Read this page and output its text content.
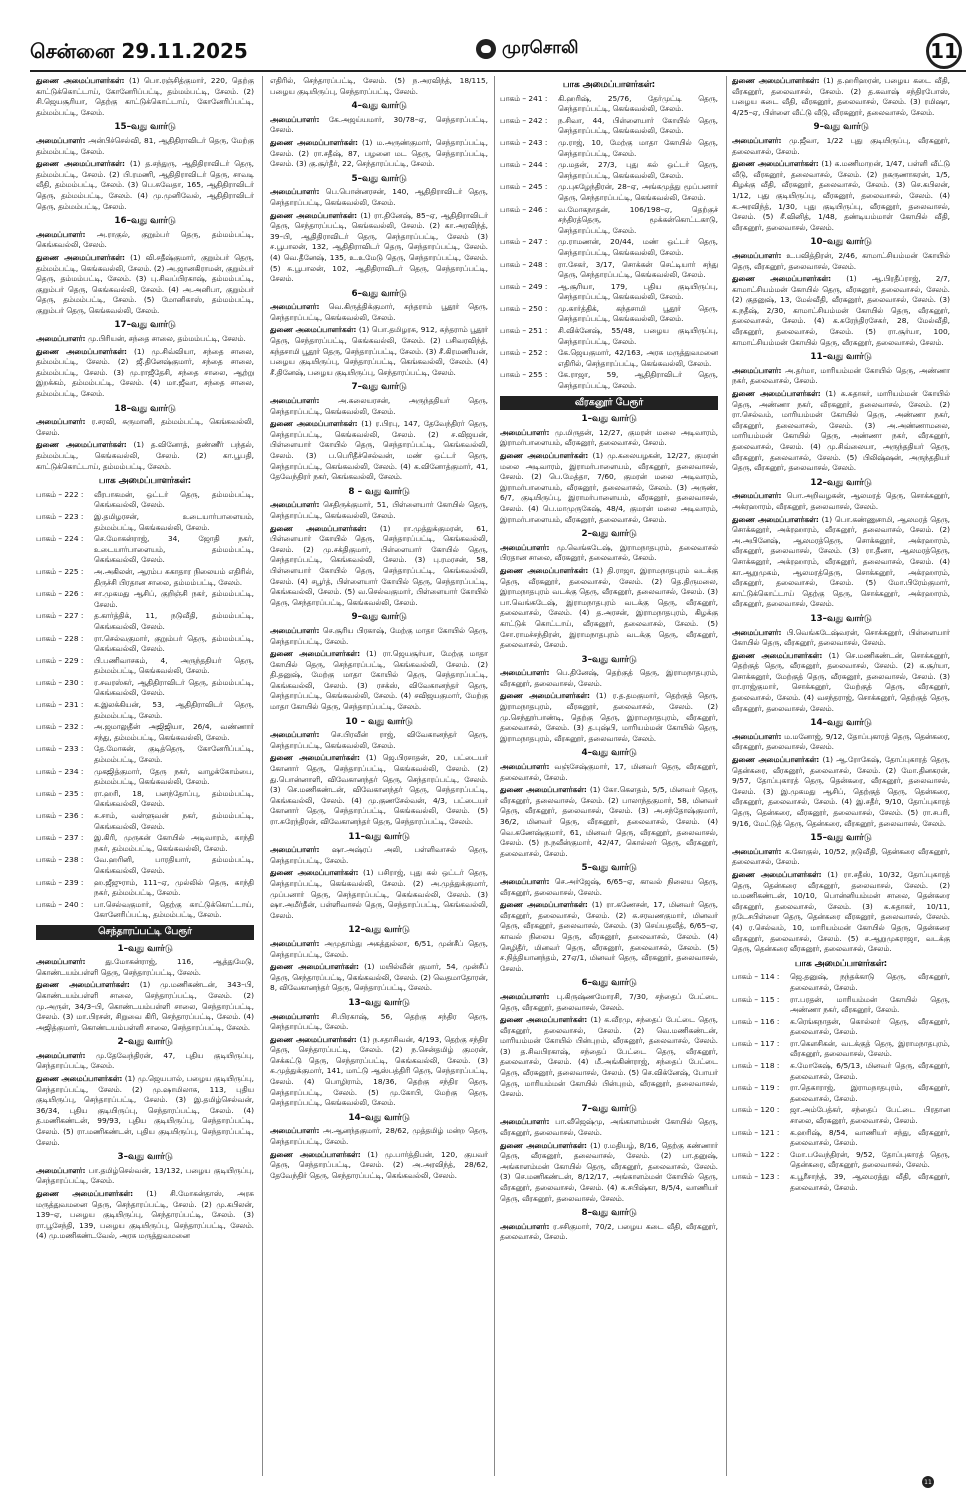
சென்னை 29.11.2025	முரசொலி	11

துணை அமைப்பாளர்கள்: (1) பொ.ரஞ்சித்குமார், 220, தெற்கு காட்டுக்கொட்டாய், கோனேரிப்பட்டி, தம்மம்பட்டி, சேலம். (2) சி.ஜெயசூரியா, தெற்கு காட்டுக்கொட்டாய், கோனேரிப்பட்டி, தம்மம்பட்டி, சேலம்.

15–வது வார்டு

அமைப்பாளர்: அன்பிச்செல்வி, 81, ஆதிதிராவிடர் தெரு, மேற்கு தம்மம்பட்டி, சேலம்.

துணை அமைப்பாளர்கள்: (1) த.சந்துரு, ஆதிதிராவிடர் தெரு, தம்மம்பட்டி, சேலம். (2) பி.ரமணி, ஆதிதிராவிடர் தெரு, சாவடி வீதி, தம்மம்பட்டி, சேலம். (3) பெ.சுவேதா, 165, ஆதிதிராவிடர் தெரு, தம்மம்பட்டி, சேலம். (4) மு.முனிவேல், ஆதிதிராவிடர் தெரு, தம்மம்பட்டி, சேலம்.

16–வது வார்டு

அமைப்பாளர்: அ.ராகுல், குறும்பர் தெரு, தம்மம்பட்டி, கெங்கவல்லி, சேலம்.

துணை அமைப்பாளர்கள்: (1) வி.சதீஷ்குமார், குறும்பர் தெரு, தம்மம்பட்டி, கெங்கவல்லி, சேலம். (2) அ.ஜானகிராமன், குறும்பர் தெரு, தம்மம்பட்டி, சேலம். (3) பு.சிவப்பிரகாஷ், தம்மம்பட்டி, குறும்பர் தெரு, கெங்கவல்லி, சேலம். (4) அ.அனிபா, குறும்பர் தெரு, தம்மம்பட்டி, சேலம். (5) மோனிகாஸ், தம்மம்பட்டி, குறும்பர் தெரு, கெங்கவல்லி, சேலம்.

17–வது வார்டு

அமைப்பாளர்: மு.பிரியன், சந்தை சாலை, தம்மம்பட்டி, சேலம்.

துணை அமைப்பாளர்கள்: (1) மு.சிவ்வியா, சந்தை சாலை, தம்மம்பட்டி, சேலம். (2) ஜீ.தினேஷ்குமார், சந்தை சாலை, தம்மம்பட்டி, சேலம். (3) மு.ராஜீதேசி, சந்தை சாலை, ஆற்று இறக்கம், தம்மம்பட்டி, சேலம். (4) மா.ஜீவா, சந்தை சாலை, தம்மம்பட்டி, சேலம்.

18–வது வார்டு

அமைப்பாளர்: ர.சரவி, சுருமானி, தம்மம்பட்டி, கெங்கவல்லி, சேலம்.

துணை அமைப்பாளர்கள்: (1) த.வினோத், தண்ணீர் பந்தல், தம்மம்பட்டி, கெங்கவல்லி, சேலம். (2) கா.பூபதி, காட்டுக்கொட்டாய், தம்மம்பட்டி, சேலம்.

பாக அமைப்பாளர்கள்:
பாகம் – 222 :	வீரபாகமன், ஒட்டர் தெரு, தம்மம்பட்டி, கெங்கவல்லி, சேலம்.
பாகம் – 223 :	இ.தமிழரசன், உடையார்பாளையம், தம்மம்பட்டி, கெங்கவல்லி, சேலம்.
பாகம் – 224 :	செ.மோகன்ராஜ், 34, ஜோதி நகர், உடையார்பாளையம், தம்மம்பட்டி, கெங்கவல்லி, சேலம்.
பாகம் – 225 :	அ.அகிலன், ஆரம்ப சுகாதார நிலையம் எதிரில், திருச்சி பிரதான சாலை, தம்மம்பட்டி, சேலம்.
பாகம் – 226 :	சா.முகமது ஆசிப், குறிஞ்சி நகர், தம்மம்பட்டி, சேலம்.
பாகம் – 227 :	த.கார்த்திக், 11, நடுவீதி, தம்மம்பட்டி, கெங்கவல்லி, சேலம்.
பாகம் – 228 :	ரா.செல்வகுமார், குறும்பர் தெரு, தம்மம்பட்டி, கெங்கவல்லி, சேலம்.
பாகம் – 229 :	பி.பணிவாசகம், 4, அருந்ததியர் தெரு, தம்மம்பட்டி, கெங்கவல்லி, சேலம்.
பாகம் – 230 :	ர.சவரஸ்கர், ஆதிதிராவிடர் தெரு, தம்மம்பட்டி, கெங்கவல்லி, சேலம்.
பாகம் – 231 :	க.இலக்கியன், 53, ஆதிதிராவிடர் தெரு, தம்மம்பட்டி, சேலம்.
பாகம் – 232 :	அ.ஜமாலுதீன் அஜிஜியா, 26/4, வண்ணார் சந்து, தம்மம்பட்டி, கெங்கவல்லி, சேலம்.
பாகம் – 233 :	தே.மோகன், குடித்தெரு, கோனேரிப்பட்டி, தம்மம்பட்டி, சேலம்.
பாகம் – 234 :	முகஜித்குமார், தேரு நகர், வாழக்கோம்பை, தம்மம்பட்டி, கெங்கவல்லி, சேலம்.
பாகம் – 235 :	ரா.ஹரி, 18, பனந்தோப்பு, தம்மம்பட்டி, கெங்கவல்லி, சேலம்.
பாகம் – 236 :	சு.சாம், வள்ளுவன் நகர், தம்மம்பட்டி, கெங்கவல்லி, சேலம்.
பாகம் – 237 :	இ.கிரி, முருகன் கோயில் அடிவாரம், காந்தி நகர், தம்மம்பட்டி, கெங்கவல்லி, சேலம்.
பாகம் – 238 :	வே.ஹரினி, பாரதியார், தம்மம்பட்டி, கெங்கவல்லி, சேலம்.
பாகம் – 239 :	ஹ.ஜீஜுராம், 111–ஏ, முல்லில் தெரு, காந்தி நகர், தம்மம்பட்டி, சேலம்.
பாகம் – 240 :	பா.செல்வகுமார், தெற்கு காட்டுக்கொட்டாய், கோனேரிப்பட்டி, தம்மம்பட்டி, சேலம்.
செந்தாரப்பட்டி பேரூர்
1–வது வார்டு

அமைப்பாளர்: து.மோகன்ராஜ், 116, ஆத்துமேடு, கொண்டயம்பள்ளி தெரு, செந்தாரப்பட்டி, சேலம்.

துணை அமைப்பாளர்கள்: (1) மு.மணிகண்டன், 343–பி, கொண்டயம்பள்ளி சாலை, செந்தாரப்பட்டி, சேலம். (2) மு.அருள், 34/3–பி, கொண்டயம்பள்ளி சாலை, செந்தாரப்பட்டி, சேலம். (3) மா.பிரசன், சிறுவை கிரி, செந்தாரப்பட்டி, சேலம். (4) அஜித்குமார், கொண்டயம்பள்ளி சாலை, செந்தாரப்பட்டி, சேலம்.

2–வது வார்டு

அமைப்பாளர்: மு.தேவேந்திரன், 47, புதிய குடியிருப்பு, செந்தாரப்பட்டி, சேலம்.

துணை அமைப்பாளர்கள்: (1) மு.ஜெயபால், பழைய குடியிருப்பு, செந்தாரப்பட்டி, சேலம். (2) மு.ஷாமிலாசு, 113, புதிய குடியிருப்பு, செந்தாரப்பட்டி, சேலம். (3) இ.தமிழ்செல்வன், 36/34, புதிய குடியிருப்பு, செந்தாரப்பட்டி, சேலம். (4) த.மணிகண்டன், 99/93, புதிய குடியிருப்பு, செந்தாரப்பட்டி, சேலம். (5) ரா.மணிகண்டன், புதிய குடியிருப்பு, செந்தாரப்பட்டி, சேலம்.

3–வது வார்டு

அமைப்பாளர்: பா.தமிழ்செல்வன், 13/132, பழைய குடியிருப்பு, செந்தாரப்பட்டி, சேலம்.

துணை அமைப்பாளர்கள்: (1) சி.மோகன்தாஸ், அரசு மருத்துவமனை தெரு, செந்தாரப்பட்டி, சேலம். (2) மு.கபிலன், 139–ஏ, பழைய குடியிருப்பு, செந்தாரப்பட்டி, சேலம். (3) ரா.பூசேந்தி, 139, பழைய குடியிருப்பு, செந்தாரப்பட்டி, சேலம். (4) மு.மணிகண்டவேல், அரசு மருத்துவமனை

எதிரில், செந்தாரப்பட்டி, சேலம். (5) ந.அரவிந்த், 18/115, பழைய குடியிருப்பு, செந்தாரப்பட்டி, சேலம்.

4–வது வார்டு

அமைப்பாளர்: கே.அஜய்யமார், 30/78–ஏ, செந்தாரப்பட்டி, சேலம்.

துணை அமைப்பாளர்கள்: (1) ம.அருண்குமார், செந்தாரப்பட்டி, சேலம். (2) ரா.சதீஷ், 87, பழனை மட தெரு, செந்தாரப்பட்டி, சேலம். (3) கு.சூர்தீர், 22, செந்தாரப்பட்டி, சேலம்.

5–வது வார்டு

அமைப்பாளர்: பெ.பொன்னரசன், 140, ஆதிதிராவிடர் தெரு, செந்தாரப்பட்டி, கெங்கவல்லி, சேலம்.

துணை அமைப்பாளர்கள்: (1) ரா.தினேஷ், 85–ஏ, ஆதிதிராவிடர் தெரு, செந்தாரப்பட்டி, கெங்கவல்லி, சேலம். (2) கா.அரவிந்த், 39–பி, ஆதிதிராவிடர் தெரு, செந்தாரப்பட்டி, சேலம் (3) ச.பூபாலன், 132, ஆதிதிராவிடர் தெரு, செந்தாரப்பட்டி, சேலம். (4) வெ.தீனேஷ், 135, உ.உமேடு தெரு, செந்தாரப்பட்டி, சேலம். (5) சு.பூபாலன், 102, ஆதிதிராவிடர் தெரு, செந்தாரப்பட்டி, சேலம்.

6–வது வார்டு

அமைப்பாளர்: வெ.கிருத்திக்குமார், சுந்தராம் பூதூர் தெரு, செந்தாரப்பட்டி, கெங்கவல்லி, சேலம்.

துணை அமைப்பாளர்கள்: (1) பொ.தமிழரசு, 912, சுந்தராம் பூதூர் தெரு, செந்தாரப்பட்டி, கெங்கவல்லி, சேலம். (2) பசிவரவிந்த், கந்தசாமி பூதூர் தெரு, செந்தாரப்பட்டி, சேலம். (3) சீ.கிரமணியன், பழைய குடியிருப்பு, செந்தாரப்பட்டி, கெங்கவல்லி, சேலம். (4) சீ.தினேஷ், பழைய குடியிருப்பு, செந்தாரப்பட்டி, சேலம்.

7–வது வார்டு

அமைப்பாளர்: அ.கலையரசன், அருந்ததியர் தெரு, செந்தாரப்பட்டி, கெங்கவல்லி, சேலம்.

துணை அமைப்பாளர்கள்: (1) ர.பிரபு, 147, தேவேந்திரர் தெரு, செந்தாரப்பட்டி, கெங்கவல்லி, சேலம். (2) ச.விஜயன், பிள்ளையார் கோயில் தெரு, செந்தாரப்பட்டி, கெங்கவல்லி, சேலம். (3) ப.பெரிதீச்செல்வன், மண் ஒட்டர் தெரு, செந்தாரப்பட்டி, கெங்கவல்லி, சேலம். (4) க.வினோத்குமார், 41, தேவேந்திரர் நகர், கெங்கவல்லி, சேலம்.

8 – வது வார்டு

அமைப்பாளர்: செதிருக்குமார், 51, பிள்ளையார் கோயில் தெரு, செந்தாரப்பட்டி, கெங்கவல்லி, சேலம்.

துணை அமைப்பாளர்கள்: (1) ரா.முத்துக்குமரன், 61, பிள்ளையார் கோயில் தெரு, செந்தாரப்பட்டி, கெங்கவல்லி, சேலம். (2) மு.சக்திகுமார், பிள்ளையார் கோயில் தெரு, செந்தாரப்பட்டி, கெங்கவல்லி, சேலம். (3) பு.ரமரசன், 58, பிள்ளையார் கோயில் தெரு, செந்தாரப்பட்டி, கெங்கவல்லி, சேலம். (4) சபூர்த், பிள்ளையார் கோயில் தெரு, செந்தாரப்பட்டி, கெங்கவல்லி, சேலம். (5) வ.செல்வகுமார், பிள்ளையார் கோயில் தெரு, செந்தாரப்பட்டி, கெங்கவல்லி, சேலம்.

9–வது வார்டு

அமைப்பாளர்: செ.சூரிய பிரகாஷ், மேற்கு மாதா கோயில் தெரு, செந்தாரப்பட்டி, சேலம்.

துணை அமைப்பாளர்கள்: (1) ரா.ஜெயசூர்யா, மேற்கு மாதா கோயில் தெரு, செந்தாரப்பட்டி, கெங்கவல்லி, சேலம். (2) தி.தனுஷ், மேற்கு மாதா கோயில் தெரு, செந்தாரப்பட்டி, கெங்கவல்லி, சேலம். (3) ரசக்ஸ், விவேகானந்தர் தெரு, செந்தாரப்பட்டி, கெங்கவல்லி, சேலம். (4) சவிஜயகுமார், மேற்கு மாதா கோயில் தெரு, செந்தாரப்பட்டி, சேலம்.

10 – வது வார்டு

அமைப்பாளர்: செ.பிரவீன் ராஜ், விவேகானந்தர் தெரு, செந்தாரப்பட்டி, கெங்கவல்லி, சேலம்.

துணை அமைப்பாளர்கள்: (1) ஜெ.பிரசாதன், 20, பட்டையர் கோனார் தெரு, செந்தாரப்பட்டி, கெங்கவல்லி, சேலம். (2) து.பொன்னாளி, விவேகானந்தர் தெரு, செந்தாரப்பட்டி, சேலம். (3) செ.மணிகண்டன், விவேகானந்தர் தெரு, செந்தாரப்பட்டி, கெங்கவல்லி, சேலம். (4) மு.குணசேல்வன், 4/3, பட்டையர் கோனார் தெரு, செந்தாரப்பட்டி, கெங்கவல்லி, சேலம். (5) ரா.சுரேந்திரன், விவேகானந்தர் தெரு, செந்தாரப்பட்டி, சேலம்.

11–வது வார்டு

அமைப்பாளர்: ஷா.அஷ்ரப் அலி, பள்ளிவாசல் தெரு, செந்தாரப்பட்டி, சேலம்.

துணை அமைப்பாளர்கள்: (1) பசிராஜ், புது கல் ஒட்டர் தெரு, செந்தாரப்பட்டி, கெங்கவல்லி, சேலம். (2) அ.முத்துக்குமார், முப்பனார் தெரு, செந்தாரப்பட்டி, கெங்கவல்லி, சேலம். (3) ஷா.அமீர்தீன், பள்ளிவாசல் தெரு, செந்தாரப்பட்டி, கெங்கவல்லி, சேலம்.

12–வது வார்டு

அமைப்பாளர்: அமுதாம்து அகத்துல்லா, 6/51, முன்சீப் தெரு, செந்தாரப்பட்டி, சேலம்.

துணை அமைப்பாளர்கள்: (1) மயில்வீன் குமார், 54, முன்சீப் தெரு, செந்தாரப்பட்டி, கெங்கவல்லி, சேலம். (2) வெதமாதோரன், 8, விவேகானந்தர் தெரு, செந்தாரப்பட்டி, சேலம்.

13–வது வார்டு

அமைப்பாளர்: சி.பிரகாஷ், 56, தெற்கு சந்திர தெரு, செந்தாரப்பட்டி, சேலம்.

துணை அமைப்பாளர்கள்: (1) ந.சதாசிவன், 4/193, தெற்கு சந்திர தெரு, செந்தாரப்பட்டி, சேலம். (2) ந.சென்தமிழ் குமரன், செக்கட்டு தெரு, செந்தாரப்பட்டி, கெங்கவல்லி, சேலம். (3) சு.முத்துக்குமார், 141, மாட்டு ஆஸ்பத்திரி தெரு, செந்தாரப்பட்டி, சேலம். (4) பொழிராம், 18/36, தெற்கு சந்திர தெரு, செந்தாரப்பட்டி, சேலம். (5) மு.கோபி, மேற்கு தெரு, செந்தாரப்பட்டி, கெங்கவல்லி, சேலம்.

14–வது வார்டு

அமைப்பாளர்: அ.ஆனந்தகுமார், 28/62, முத்தமிழ் மன்ற தெரு, செந்தாரப்பட்டி, சேலம்.

துணை அமைப்பாளர்கள்: (1) மு.பார்த்திபன், 120, குயவர் தெரு, செந்தாரப்பட்டி, சேலம். (2) அ.அரவிந்த், 28/62, தேவேந்திர் தெரு, செந்தாரப்பட்டி, கெங்கவல்லி, சேலம்.

பாக அமைப்பாளர்கள்:
பாகம் – 241 :	கி.ஹரிஷ், 25/76, தேர்முட்டி தெரு, செந்தாரப்பட்டி, கெங்கவல்லி, சேலம்.
பாகம் – 242 :	ந.சிவா, 44, பிள்ளையார் கோயில் தெரு, செந்தாரப்பட்டி, கெங்கவல்லி, சேலம்.
பாகம் – 243 :	மு.ராஜ், 10, மேற்கு மாதா கோயில் தெரு, செந்தாரப்பட்டி, சேலம்.
பாகம் – 244 :	மு.மதன், 27/3, புது கல் ஒட்டர் தெரு, செந்தாரப்பட்டி, கெங்கவல்லி, சேலம்.
பாகம் – 245 :	மு.புகழேந்திரன், 28–ஏ, அங்கமுத்து மூப்பனார் தெரு, செந்தாரப்பட்டி, கெங்கவல்லி, சேலம்.
பாகம் – 246 :	வ.மோகநாதன், 106/198–ஏ, தெற்குச் சந்திரத்தெரு, மூக்கன்கொட்டகாடு, செந்தாரப்பட்டி, சேலம்.
பாகம் – 247 :	மு.ராமணன், 20/44, மண் ஒட்டர் தெரு, செந்தாரப்பட்டி, கெங்கவல்லி, சேலம்.
பாகம் – 248 :	ரா.சேகர், 3/17, சொக்கன் செட்டியார் சந்து தெரு, செந்தாரப்பட்டி, கெங்கவல்லி, சேலம்.
பாகம் – 249 :	ஆ.சூரியா, 179, புதிய குடியிருப்பு, செந்தாரப்பட்டி, கெங்கவல்லி, சேலம்.
பாகம் – 250 :	மு.கார்த்திக், கந்தசாமி பூதூர் தெரு, செந்தாரப்பட்டி, கெங்கவல்லி, சேலம்.
பாகம் – 251 :	சி.விக்னேஷ், 55/48, பழைய குடியிருப்பு, செந்தாரப்பட்டி, சேலம்.
பாகம் – 252 :	கே.ஜெயகுமார், 42/163, அரசு மருத்துவமனை எதிரில், செந்தாரப்பட்டி, கெங்கவல்லி, சேலம்.
பாகம் – 255 :	கே.ராஜா, 59, ஆதிதிராவிடர் தெரு, செந்தாரப்பட்டி, சேலம்.
வீரகனூர் பேரூர்
1–வது வார்டு

அமைப்பாளர்: மு.மிருதன், 12/27, குமரன் மலை அடிவாரம், இராமர்பாளையம், வீரகனூர், தலைவாசல், சேலம்.

துணை அமைப்பாளர்கள்: (1) மு.கலையழகன், 12/27, குமரன் மலை அடிவாரம், இராமர்பாளையம், வீரகனூர், தலைவாசல், சேலம். (2) பெ.மேத்தா, 7/60, குமரன் மலை அடிவாரம், இராமர்பாளையம், வீரகனூர், தலைவாசல், சேலம். (3) அருண், 6/7, குடியிருப்பு, இராமர்பாளையம், வீரகனூர், தலைவாசல், சேலம். (4) பெ.மாமுருகேஷ், 48/4, குமரன் மலை அடிவாரம், இராமர்பாளையம், வீரகனூர், தலைவாசல், சேலம்.

2–வது வார்டு

அமைப்பாளர்: மு.வெங்கடேஷ், இராமநாதபுரம், தலைவாசல் பிரதான சாலை, வீரகனூர், தலைவாசல், சேலம்.

துணை அமைப்பாளர்கள்: (1) தி.ராஜா, இராமநாதபுரம் வடக்கு தெரு, வீரகனூர், தலைவாசல், சேலம். (2) தெ.திருமலை, இராமநாதபுரம் வடக்கு தெரு, வீரகனூர், தலைவாசல், சேலம். (3) பா.வெங்கடேஷ், இராமநாதபுரம் வடக்கு தெரு, வீரகனூர், தலைவாசல், சேலம். (4) த.அரசன், இராமநாதபுரம், கிழக்கு காட்டுக் கொட்டாய், வீரகனூர், தலைவாசல், சேலம். (5) சோ.ராமச்சந்திரன், இராமநாதபுரம் வடக்கு தெரு, வீரகனூர், தலைவாசல், சேலம்.

3–வது வார்டு

அமைப்பாளர்: பெ.தினேஷ், தெற்குத் தெரு, இராமநாதபுரம், வீரகனூர், தலைவாசல், சேலம்.

துணை அமைப்பாளர்கள்: (1) ர.த.தமகுமார், தெற்குத் தெரு, இராமநாதபுரம், வீரகனூர், தலைவாசல், சேலம். (2) மு.செந்தூர்பாண்டி, தெற்கு தெரு, இராமநாதபுரம், வீரகனூர், தலைவாசல், சேலம். (3) த.புஷ்பி, மாரியம்மன் கோயில் தெரு, இராமநாதபுரம், வீரகனூர், தலைவாசல், சேலம்.

4–வது வார்டு

அமைப்பாளர்: வஞ்சேஷ்குமார், 17, மினவர் தெரு, வீரகனூர், தலைவாசல், சேலம்.

துணை அமைப்பாளர்கள்: (1) கோ.கௌதம், 5/5, மினவர் தெரு, வீரகனூர், தலைவாசல், சேலம். (2) பாலாந்தகுமார், 58, மினவர் தெரு, வீரகனூர், தலைவாசல், சேலம். (3) அ.சந்தோஷ்குமார், 36/2, மினவர் தெரு, வீரகனூர், தலைவாசல், சேலம். (4) வெ.கணேஷ்குமார், 61, மினவர் தெரு, வீரகனூர், தலைவாசல், சேலம். (5) ந.நவீன்குமார், 42/47, கொல்லர் தெரு, வீரகனூர், தலைவாசல், சேலம்.

5–வது வார்டு

அமைப்பாளர்: செ.அர்ஜேஷ், 6/65–ஏ, காவல் நிலைய தெரு, வீரகனூர், தலைவாசல், சேலம்.

துணை அமைப்பாளர்கள்: (1) ரா.கணேசன், 17, மினவர் தெரு, வீரகனூர், தலைவாசல், சேலம். (2) சு.சரவணகுமார், மினவர் தெரு, வீரகனூர், தலைவாசல், சேலம். (3) செய்யதவீத், 6/65–ஏ, காவல் நிலைய தெரு, வீரகனூர், தலைவாசல், சேலம். (4) செழிதீர், மினவர் தெரு, வீரகனூர், தலைவாசல், சேலம். (5) ச.நித்தியானந்தம், 27ஏ/1, மினவர் தெரு, வீரகனூர், தலைவாசல், சேலம்.

6–வது வார்டு

அமைப்பாளர்: பு.கிருஷ்ணமோரசி, 7/30, சந்தைப் பேட்டை தெரு, வீரகனூர், தலைவாசல், சேலம்.

துணை அமைப்பாளர்கள்: (1) க.வீரமு, சந்தைப் பேட்டை தெரு, வீரகனூர், தலைவாசல், சேலம். (2) வெ.மணிகண்டன், மாரியம்மன் கோயில் பின்புறம், வீரகனூர், தலைவாசல், சேலம். (3) த.சிவபிரகாஷ், சந்தைப் பேட்டை தெரு, வீரகனூர், தலைவாசல், சேலம். (4) மீ.அங்கிண்ராஜ், சந்தைப் பேட்டை தெரு, வீரகனூர், தலைவாசல், சேலம். (5) செ.விக்னேஷ், போயர் தெரு, மாரியம்மன் கோயில் பின்புறம், வீரகனூர், தலைவாசல், சேலம்.

7–வது வார்டு

அமைப்பாளர்: பா.வீஜெஷ்மு, அங்காளம்மன் கோயில் தெரு, வீரகனூர், தலைவாசல், சேலம்.

துணை அமைப்பாளர்கள்: (1) ர.மதியழ், 8/16, தெற்கு கண்ணார் தெரு, வீரகனூர், தலைவாசல், சேலம். (2) பா.தனுஷ், அங்காளம்மன் கோயில் தெரு, வீரகனூர், தலைவாசல், சேலம். (3) செ.மணிகண்டன், 8/12/17, அங்காளம்மன் கோயில் தெரு, வீரகனூர், தலைவாசல், சேலம். (4) க.சபிஷ்கா, 8/5/4, வாணியர் தெரு, வீரகனூர், தலைவாசல், சேலம்.

8–வது வார்டு

அமைப்பாளர்: ர.சசிகுமார், 70/2, பழைய கடை வீதி, வீரகனூர், தலைவாசல், சேலம்.

துணை அமைப்பாளர்கள்: (1) த.ஹரிஹரன், பழைய கடை வீதி, வீரகனூர், தலைவாசல், சேலம். (2) த.கவாஷ் சந்திரபோஸ், பழைய கடை வீதி, வீரகனூர், தலைவாசல், சேலம். (3) ரமிஷா, 4/25–ஏ, பிள்ளை வீட்டு வீடு, வீரகனூர், தலைவாசல், சேலம்.

9–வது வார்டு

அமைப்பாளர்: மு.ஜீவா, 1/22 புது குடியிருப்பு, வீரகனூர், தலைவாசல், சேலம்.

துணை அமைப்பாளர்கள்: (1) க.மணிமாறன், 1/47, பள்ளி வீட்டு வீடு, வீரகனூர், தலைவாசல், சேலம். (2) நகருணாகரன், 1/5, கிழக்கு வீதி, வீரகனூர், தலைவாசல், சேலம். (3) செ.கபிலன், 1/12, புது குடியிருப்பு, வீரகனூர், தலைவாசல், சேலம். (4) க.அரவிந்த், 1/30, புது குடியிருப்பு, வீரகனூர், தலைவாசல், சேலம். (5) சீ.வினித், 1/48, தண்டியம்மாள் கோயில் வீதி, வீரகனூர், தலைவாசல், சேலம்.

10–வது வார்டு

அமைப்பாளர்: உ.பவித்திரன், 2/46, காமாட்சியம்மன் கோயில் தெரு, வீரகனூர், தலைவாசல், சேலம்.

துணை அமைப்பாளர்கள்: (1) ஆ.பிரதீப்ராஜ், 2/7, காமாட்சியம்மன் கோயில் தெரு, வீரகனூர், தலைவாசல், சேலம். (2) குதனுஷ், 13, மேல்வீதி, வீரகனூர், தலைவாசல், சேலம். (3) க.நதீஷ், 2/30, காமாட்சியம்மன் கோயில் தெரு, வீரகனூர், தலைவாசல், சேலம். (4) க.சுரேந்திரசேகர், 28, மேல்வீதி, வீரகனூர், தலைவாசல், சேலம். (5) ரா.சூர்யா, 100, காமாட்சியம்மன் கோயில் தெரு, வீரகனூர், தலைவாசல், சேலம்.

11–வது வார்டு

அமைப்பாளர்: அ.தர்மா, மாரியம்மன் கோயில் தெரு, அண்ணா நகர், தலைவாசல், சேலம்.

துணை அமைப்பாளர்கள்: (1) க.சுதாகர், மாரியம்மன் கோயில் தெரு, அண்ணா நகர், வீரகனூர், தலைவாசல், சேலம். (2) ரா.செல்வம், மாரியம்மன் கோயில் தெரு, அண்ணா நகர், வீரகனூர், தலைவாசல், சேலம். (3) அ.அண்ணாமலை, மாரியம்மன் கோயில் தெரு, அண்ணா நகர், வீரகனூர், தலைவாசல், சேலம். (4) மு.சிவ்லையா, அருந்ததியர் தெரு, வீரகனூர், தலைவாசல், சேலம். (5) பிலிஷ்ஷன், அருந்ததியர் தெரு, வீரகனூர், தலைவாசல், சேலம்.

12–வது வார்டு

அமைப்பாளர்: பொ.அறிவழகன், ஆலமரத் தெரு, சொக்கனூர், அக்ரஹாரம், வீரகனூர், தலைவாசல், சேலம்.

துணை அமைப்பாளர்கள்: (1) பொ.கண்ணுசாமி, ஆலமரத் தெரு, சொக்கனூர், அக்ரஹாரம், வீரகனூர், தலைவாசல், சேலம். (2) அ.அபினேஷ், ஆலமரத்தெரு, சொக்கனூர், அக்ரஹாரம், வீரகனூர், தலைவாசல், சேலம். (3) ரா.தீனா, ஆலமரத்தெரு, சொக்கனூர், அக்ரஹாரம், வீரகனூர், தலைவாசல், சேலம். (4) கா.ஆறுமுகம், ஆலமரத்தெரு, சொக்கனூர், அக்ரஹாரம், வீரகனூர், தலைவாசல், சேலம். (5) மோ.பிரேம்குமார், காட்டுக்கொட்டாய் தெற்கு தெரு, சொக்கனூர், அக்ரஹாரம், வீரகனூர், தலைவாசல், சேலம்.

13–வது வார்டு

அமைப்பாளர்: பி.வெங்கடேஷ்வரன், சொக்கனூர், பிள்ளையார் கோயில் தெரு, வீரகனூர், தலைவாசல், சேலம்.

துணை அமைப்பாளர்கள்: (1) செ.மணிகண்டன், சொக்கனூர், தெற்குத் தெரு, வீரகனூர், தலைவாசல், சேலம். (2) க.சூர்யா, சொக்கனூர், மேற்குத் தெரு, வீரகனூர், தலைவாசல், சேலம். (3) ரா.ராஜ்குமார், சொக்கனூர், மேற்குத் தெரு, வீரகனூர், தலைவாசல், சேலம். (4) வசந்தராஜ், சொக்கனூர், தெற்குத் தெரு, வீரகனூர், தலைவாசல், சேலம்.

14–வது வார்டு

அமைப்பாளர்: ம.மனோஜ், 9/12, தோப்புகாரத் தெரு, தென்கரை, வீரகனூர், தலைவாசல், சேலம்.

துணை அமைப்பாளர்கள்: (1) ஆ.ரோகேஷ், தோப்புகாரத் தெரு, தென்கரை, வீரகனூர், தலைவாசல், சேலம். (2) மோ.தினகரன், 9/57, தோப்புகாரத் தெரு, தென்கரை, வீரகனூர், தலைவாசல், சேலம். (3) இ.முகமது ஆசிப், தெற்குத் தெரு, தென்கரை, வீரகனூர், தலைவாசல், சேலம். (4) இ.சதீர், 9/10, தோப்புகாரத் தெரு, தென்கரை, வீரகனூர், தலைவாசல், சேலம். (5) ரா.சபரி, 9/16, மேட்டுத் தெரு, தென்கரை, வீரகனூர், தலைவாசல், சேலம்.

15–வது வார்டு

அமைப்பாளர்: க.கோகுல், 10/52, நடுவீதி, தென்கரை வீரகனூர், தலைவாசல், சேலம்.

துணை அமைப்பாளர்கள்: (1) ரா.சதீஸ், 10/32, தோப்புகாரத் தெரு, தென்கரை வீரகனூர், தலைவாசல், சேலம். (2) ம.மணிகண்டன், 10/10, பொன்னியம்மன் சாலை, தென்கரை வீரகனூர், தலைவாசல், சேலம். (3) க.சுதாகர், 10/11, நடேசபிள்ளை தெரு, தென்கரை வீரகனூர், தலைவாசல், சேலம். (4) ர.செல்வம், 10, மாரியம்மன் கோயில் தெரு, தென்கரை வீரகனூர், தலைவாசல், சேலம். (5) ச.ஆறுமுகராஜா, வடக்கு தெரு, தென்கரை வீரகனூர், தலைவாசல், சேலம்.

பாக அமைப்பாளர்கள்:
பாகம் – 114 :	ஜெ.தனுஷ், நந்தக்காடு தெரு, வீரகனூர், தலைவாசல், சேலம்.
பாகம் – 115 :	ரா.பரதன், மாரியம்மன் கோயில் தெரு, அண்ணா நகர், வீரகனூர், சேலம்.
பாகம் – 116 :	க.ரெங்கநாதன், கொல்லர் தெரு, வீரகனூர், தலைவாசல், சேலம்.
பாகம் – 117 :	ரா.கௌசிகன், வடக்குத் தெரு, இராமநாதபுரம், வீரகனூர், தலைவாசல், சேலம்.
பாகம் – 118 :	சு.மோகேஷ், 6/5/13, மினவர் தெரு, வீரகனூர், தலைவாசல், சேலம்.
பாகம் – 119 :	ரா.தெகாராஜ், இராமநாதபுரம், வீரகனூர், தலைவாசல், சேலம்.
பாகம் – 120 :	ஜா.அம்பேத்கர், சந்தைப் பேட்டை பிரதான சாலை, வீரகனூர், தலைவாசல், சேலம்.
பாகம் – 121 :	க.ஹரிஷ், 8/54, வாணியர் சந்து, வீரகனூர், தலைவாசல், சேலம்.
பாகம் – 122 :	மோ.பவேந்திரன், 9/52, தோப்புகாரத் தெரு, தென்கரை, வீரகனூர், தலைவாசல், சேலம்.
பாகம் – 123 :	க.பூரீசாந்த், 39, ஆலமரத்து வீதி, வீரகனூர், தலைவாசல், சேலம்.
11
